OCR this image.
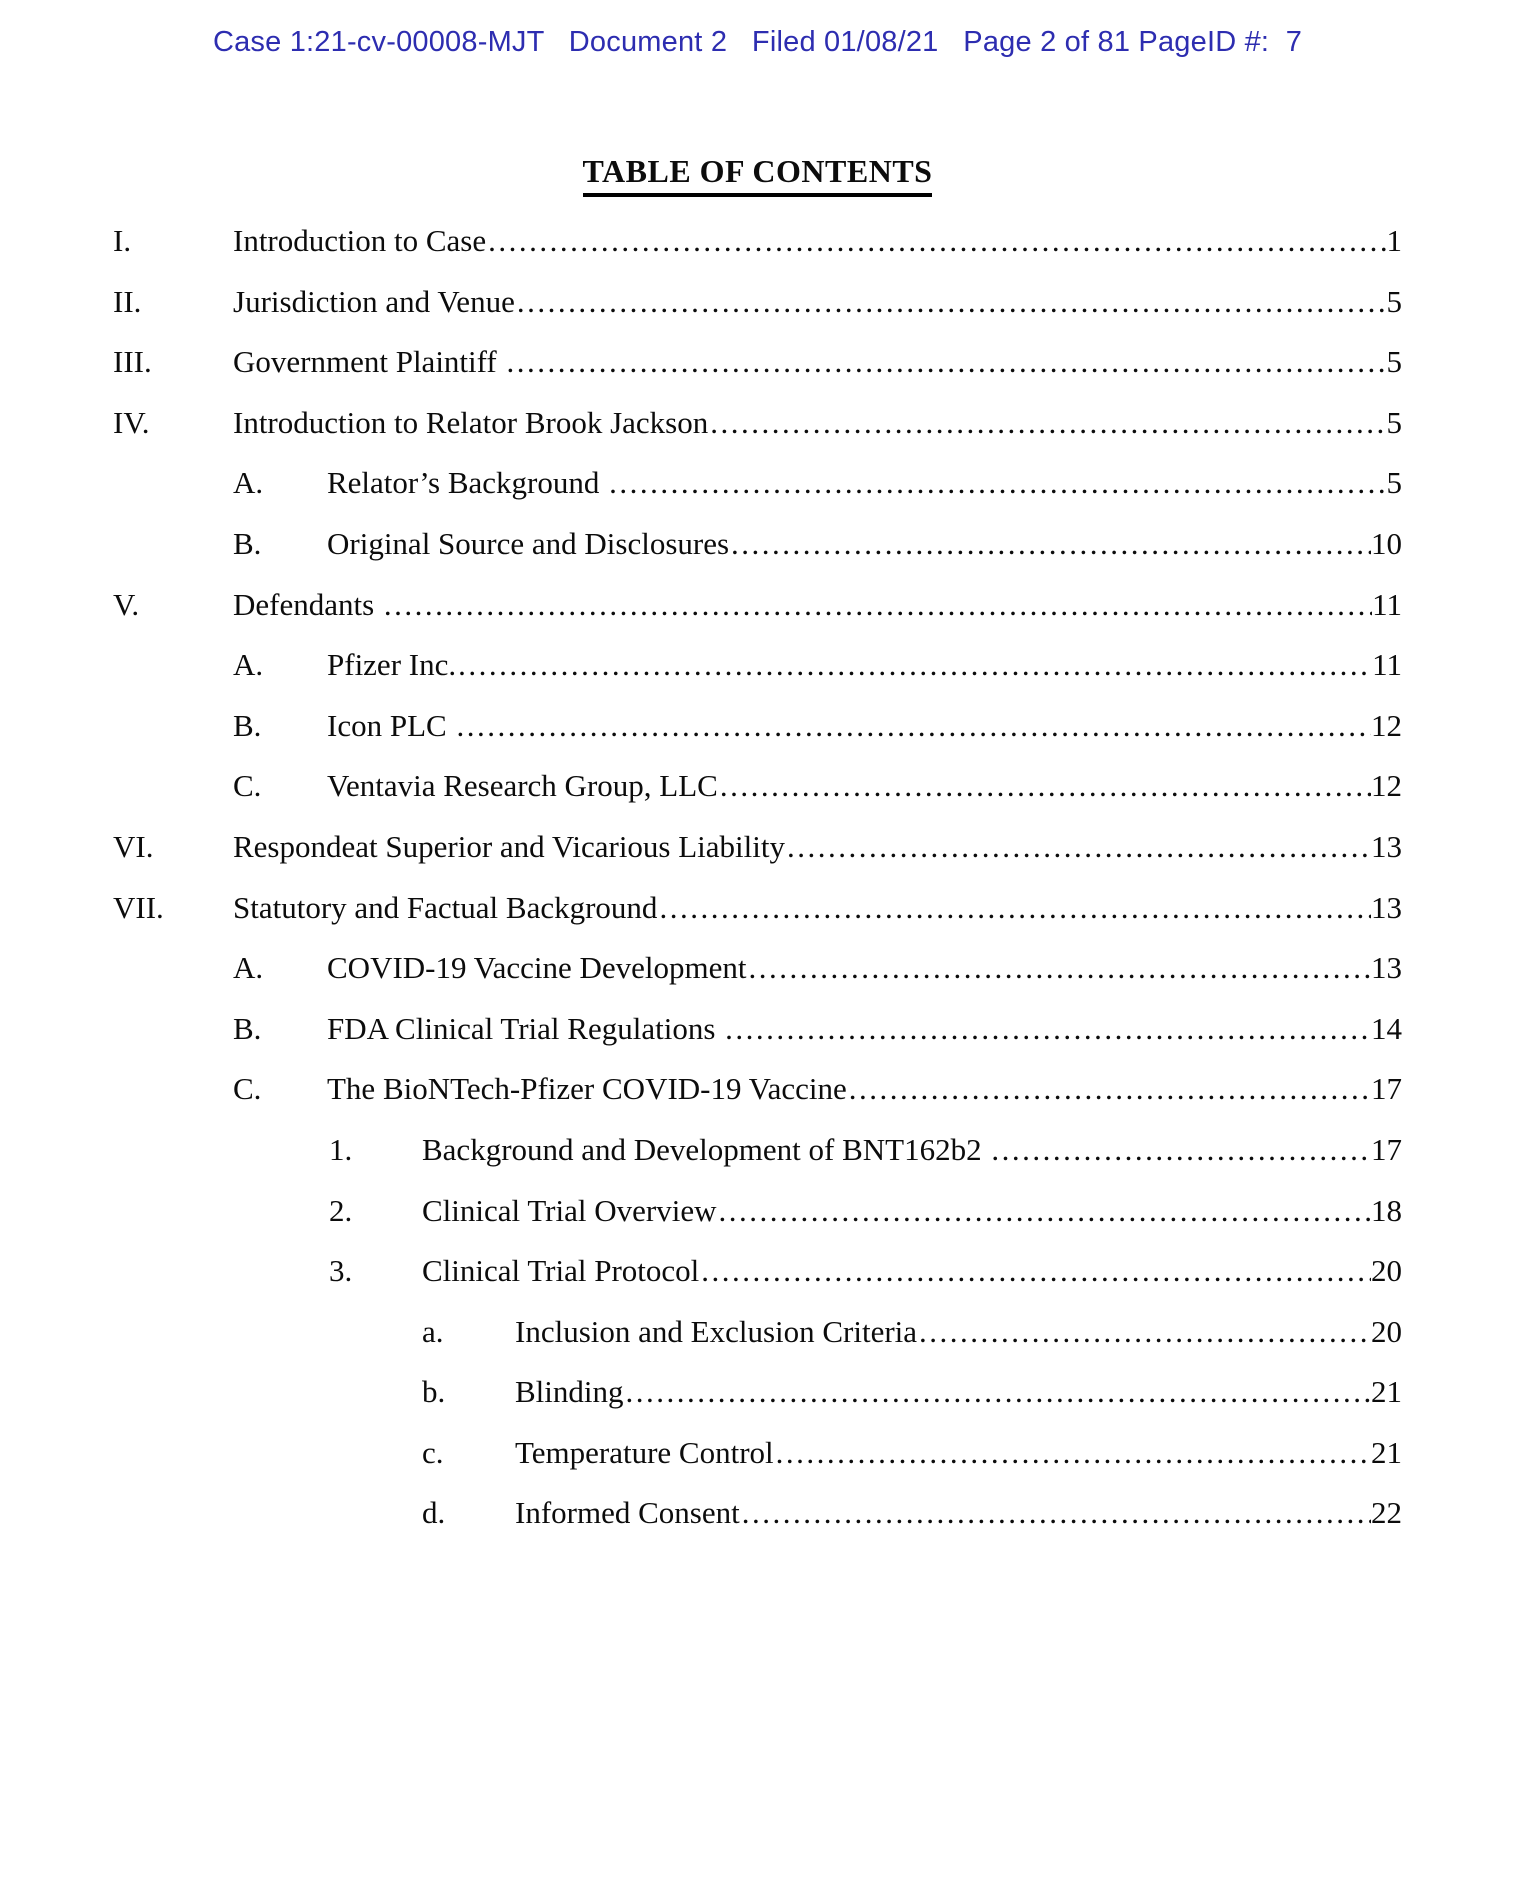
Case 1:21-cv-00008-MJT   Document 2   Filed 01/08/21   Page 2 of 81 PageID #:  7
TABLE OF CONTENTS
I.	Introduction to Case .....	1
II.	Jurisdiction and Venue .....	5
III.	Government Plaintiff .....	5
IV.	Introduction to Relator Brook Jackson .....	5
A.	Relator’s Background .....	5
B.	Original Source and Disclosures .....	10
V.	Defendants .....	11
A.	Pfizer Inc. .....	11
B.	Icon PLC .....	12
C.	Ventavia Research Group, LLC .....	12
VI.	Respondeat Superior and Vicarious Liability .....	13
VII.	Statutory and Factual Background .....	13
A.	COVID-19 Vaccine Development .....	13
B.	FDA Clinical Trial Regulations .....	14
C.	The BioNTech-Pfizer COVID-19 Vaccine .....	17
1.	Background and Development of BNT162b2 .....	17
2.	Clinical Trial Overview .....	18
3.	Clinical Trial Protocol .....	20
a.	Inclusion and Exclusion Criteria .....	20
b.	Blinding .....	21
c.	Temperature Control .....	21
d.	Informed Consent .....	22
